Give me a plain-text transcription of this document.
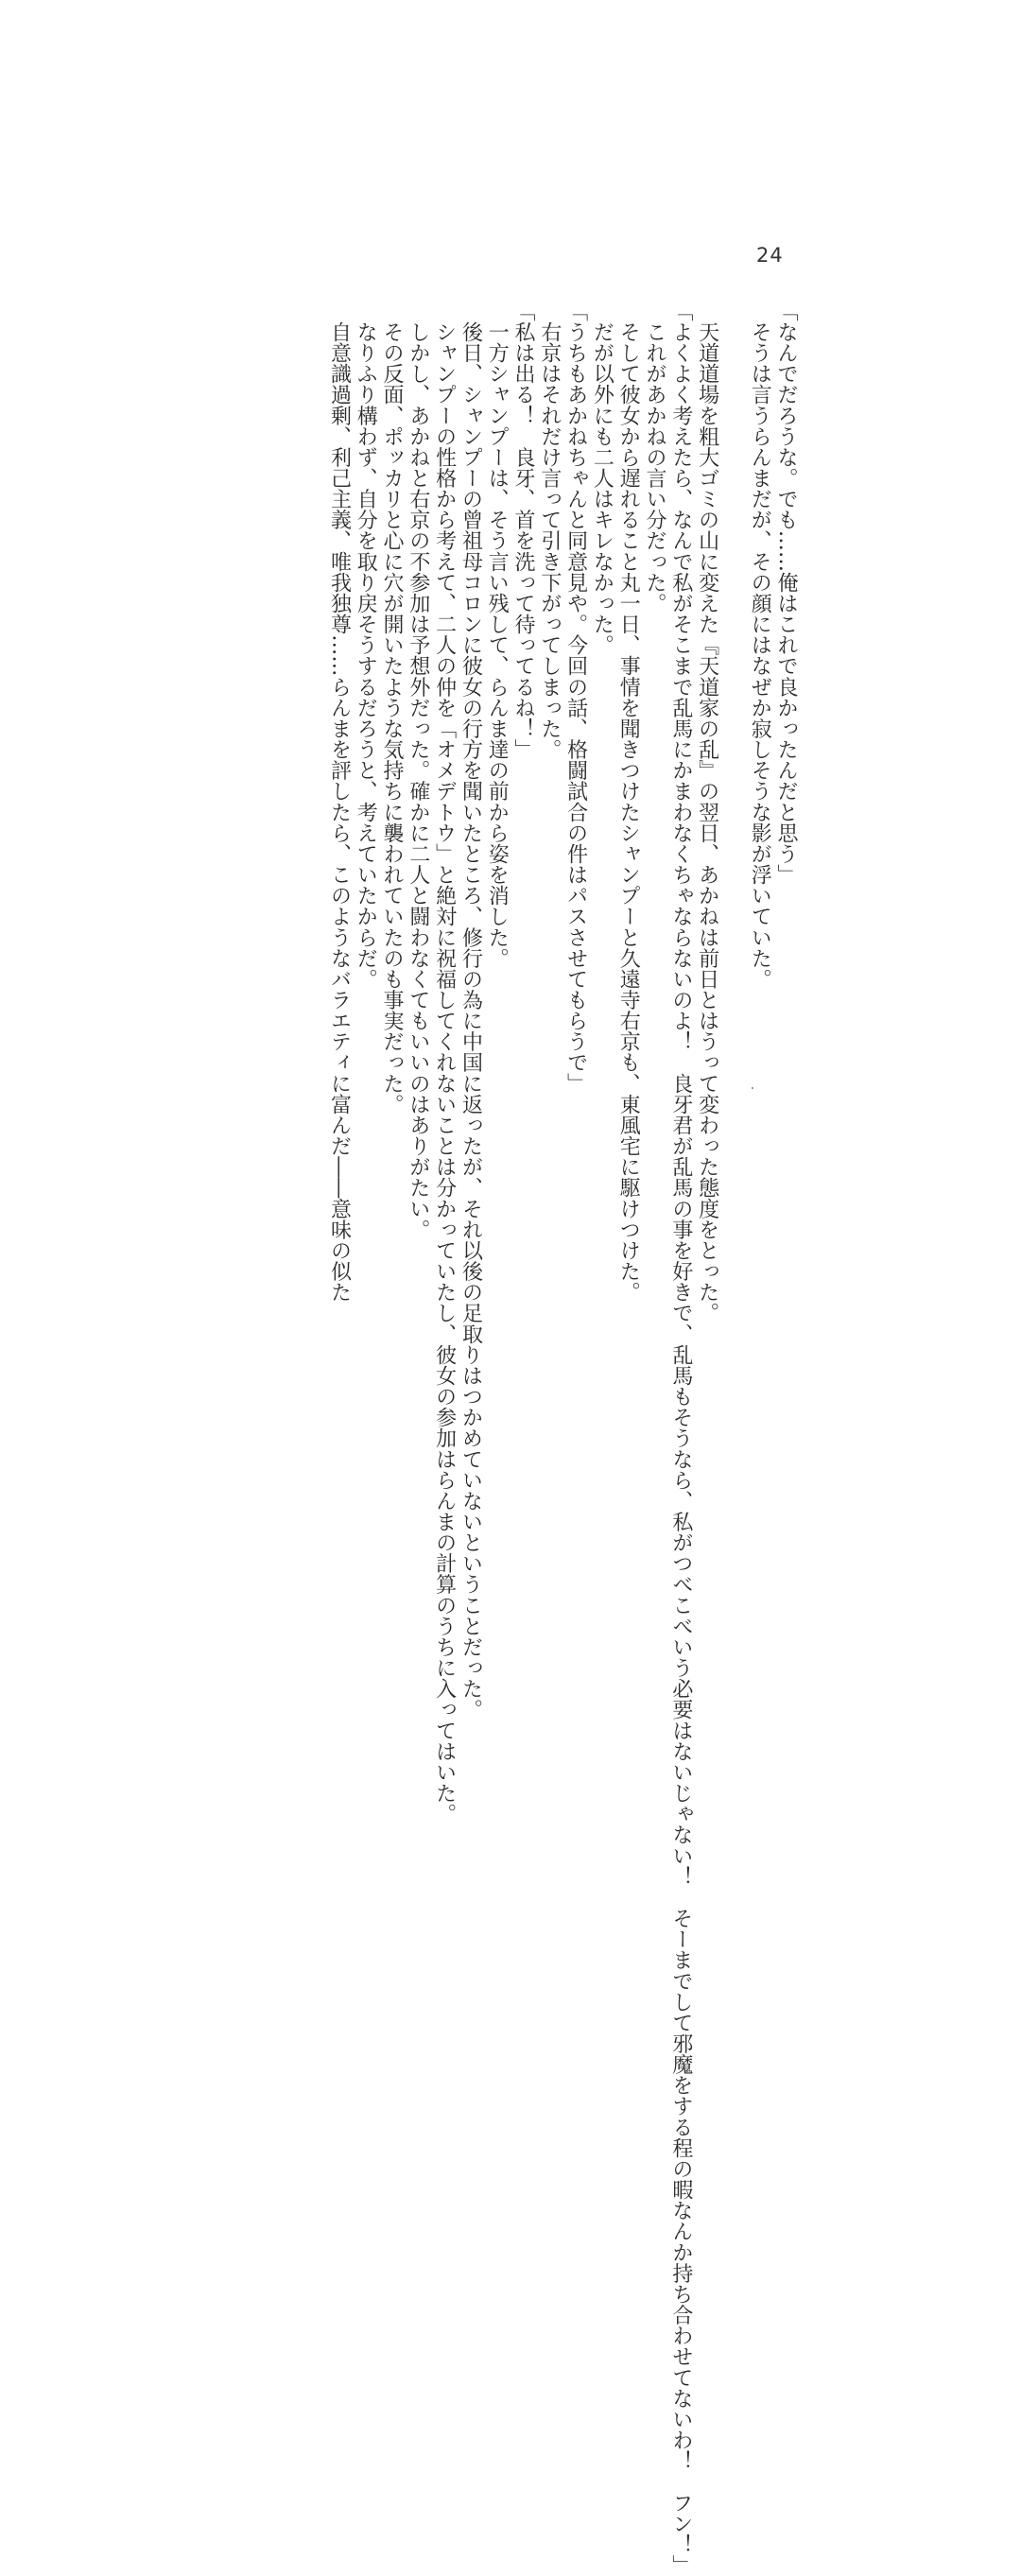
24
「なんでだろうな。でも……俺はこれで良かったんだと思う」
　そうは言うらんまだが、その顔にはなぜか寂しそうな影が浮いていた。
　天道道場を粗大ゴミの山に変えた『天道家の乱』の翌日、あかねは前日とはうって変わった態度をとった。
「よくよく考えたら、なんで私がそこまで乱馬にかまわなくちゃならないのよ！　良牙君が乱馬の事を好きで、乱馬もそうなら、私がつべこべいう必要はないじゃない！　そーまでして邪魔をする程の暇なんか持ち合わせてないわ！　フン！」
　これがあかねの言い分だった。
　そして彼女から遅れること丸一日、事情を聞きつけたシャンプーと久遠寺右京も、東風宅に駆けつけた。
　だが以外にも二人はキレなかった。
「うちもあかねちゃんと同意見や。今回の話、格闘試合の件はパスさせてもらうで」
　右京はそれだけ言って引き下がってしまった。
「私は出る！　良牙、首を洗って待ってるね！」
　一方シャンプーは、そう言い残して、らんま達の前から姿を消した。
　後日、シャンプーの曾祖母コロンに彼女の行方を聞いたところ、修行の為に中国に返ったが、それ以後の足取りはつかめていないということだった。
　シャンプーの性格から考えて、二人の仲を「オメデトウ」と絶対に祝福してくれないことは分かっていたし、彼女の参加はらんまの計算のうちに入ってはいた。
　しかし、あかねと右京の不参加は予想外だった。確かに二人と闘わなくてもいいのはありがたい。
　その反面、ポッカリと心に穴が開いたような気持ちに襲われていたのも事実だった。
　なりふり構わず、自分を取り戻そうするだろうと、考えていたからだ。
　自意識過剰、利己主義、唯我独尊……らんまを評したら、このようなバラエティに富んだ――意味の似た
